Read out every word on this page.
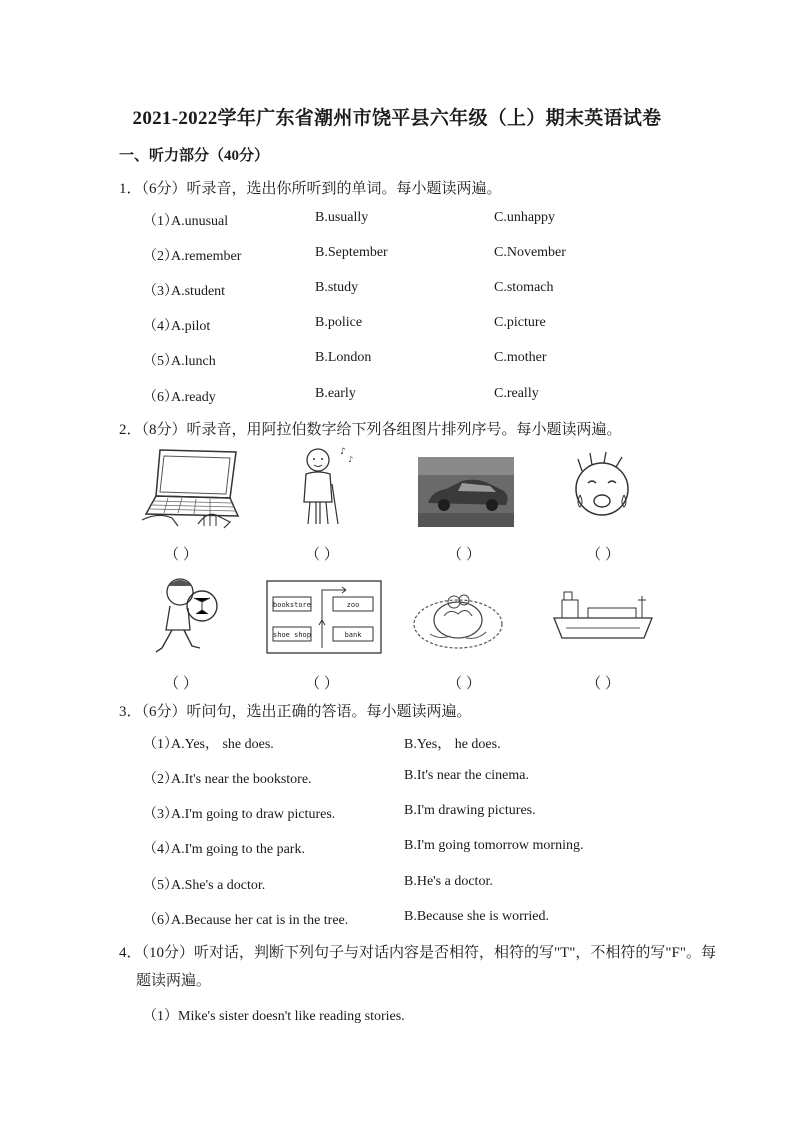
2021-2022学年广东省潮州市饶平县六年级（上）期末英语试卷
一、听力部分（40分）
1．（6分）听录音，选出你所听到的单词。每小题读两遍。
（1）A.unusual	B.usually	C.unhappy
（2）A.remember	B.September	C.November
（3）A.student	B.study	C.stomach
（4）A.pilot	B.police	C.picture
（5）A.lunch	B.London	C.mother
（6）A.ready	B.early	C.really
2．（8分）听录音，用阿拉伯数字给下列各组图片排列序号。每小题读两遍。
♪
♪
（ ）	（ ）	（ ）	（ ）
bookstore	zoo
shoe shop	bank
（ ）	（ ）	（ ）	（ ）
3．（6分）听问句，选出正确的答语。每小题读两遍。
（1）A.Yes， she does.	B.Yes， he does.
（2）A.It's near the bookstore.	B.It's near the cinema.
（3）A.I'm going to draw pictures.	B.I'm drawing pictures.
（4）A.I'm going to the park.	B.I'm going tomorrow morning.
（5）A.She's a doctor.	B.He's a doctor.
（6）A.Because her cat is in the tree.	B.Because she is worried.
4．（10分）听对话，判断下列句子与对话内容是否相符，相符的写"T"，不相符的写"F"。每
题读两遍。
（1）Mike's sister doesn't like reading stories.
